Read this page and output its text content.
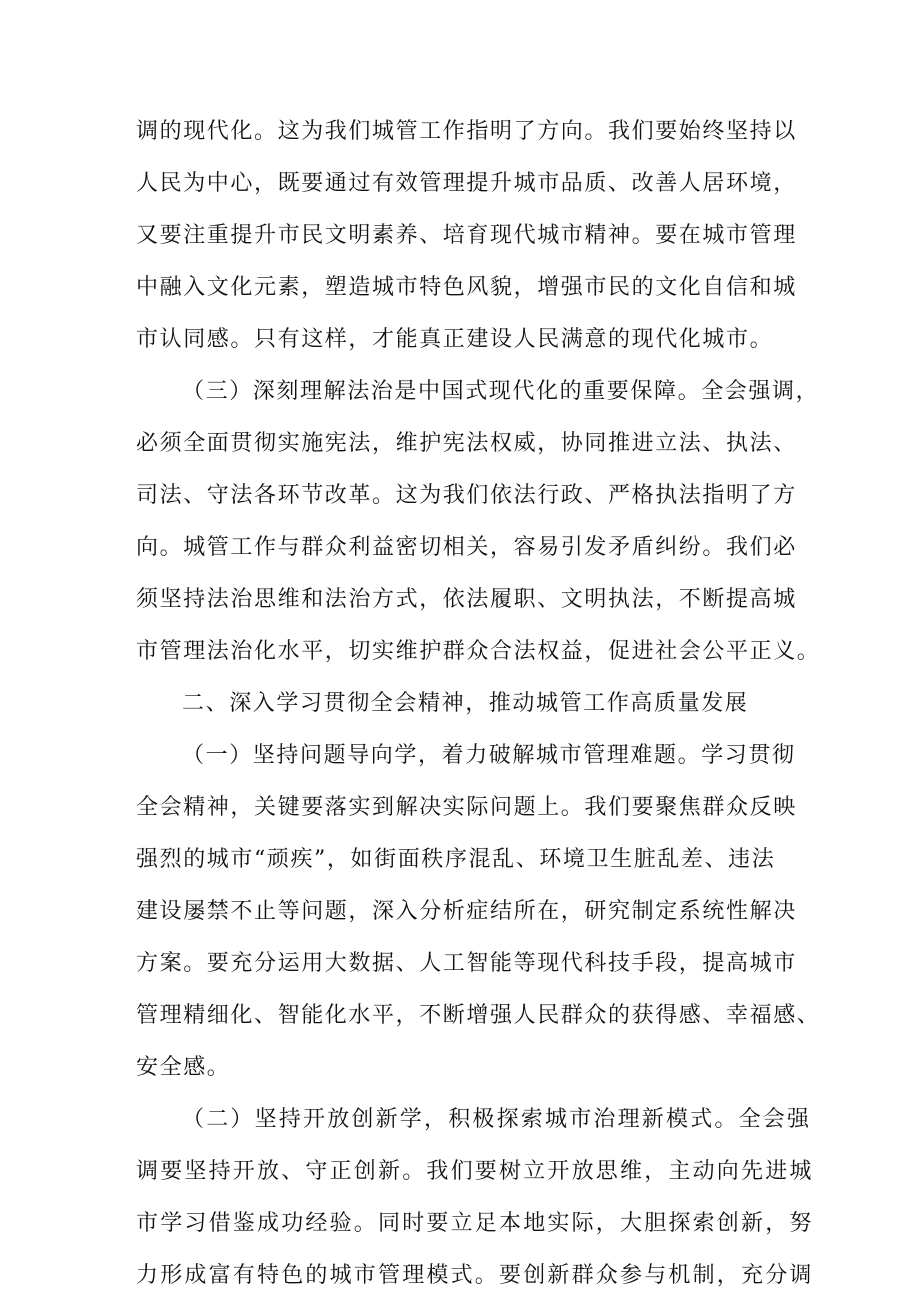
调的现代化。这为我们城管工作指明了方向。我们要始终坚持以

人民为中心，既要通过有效管理提升城市品质、改善人居环境，

又要注重提升市民文明素养、培育现代城市精神。要在城市管理

中融入文化元素，塑造城市特色风貌，增强市民的文化自信和城

市认同感。只有这样，才能真正建设人民满意的现代化城市。

（三）深刻理解法治是中国式现代化的重要保障。全会强调，

必须全面贯彻实施宪法，维护宪法权威，协同推进立法、执法、

司法、守法各环节改革。这为我们依法行政、严格执法指明了方

向。城管工作与群众利益密切相关，容易引发矛盾纠纷。我们必

须坚持法治思维和法治方式，依法履职、文明执法，不断提高城

市管理法治化水平，切实维护群众合法权益，促进社会公平正义。

二、深入学习贯彻全会精神，推动城管工作高质量发展

（一）坚持问题导向学，着力破解城市管理难题。学习贯彻

全会精神，关键要落实到解决实际问题上。我们要聚焦群众反映

强烈的城市“顽疾”，如街面秩序混乱、环境卫生脏乱差、违法

建设屡禁不止等问题，深入分析症结所在，研究制定系统性解决

方案。要充分运用大数据、人工智能等现代科技手段，提高城市

管理精细化、智能化水平，不断增强人民群众的获得感、幸福感、

安全感。

（二）坚持开放创新学，积极探索城市治理新模式。全会强

调要坚持开放、守正创新。我们要树立开放思维，主动向先进城

市学习借鉴成功经验。同时要立足本地实际，大胆探索创新，努

力形成富有特色的城市管理模式。要创新群众参与机制，充分调
